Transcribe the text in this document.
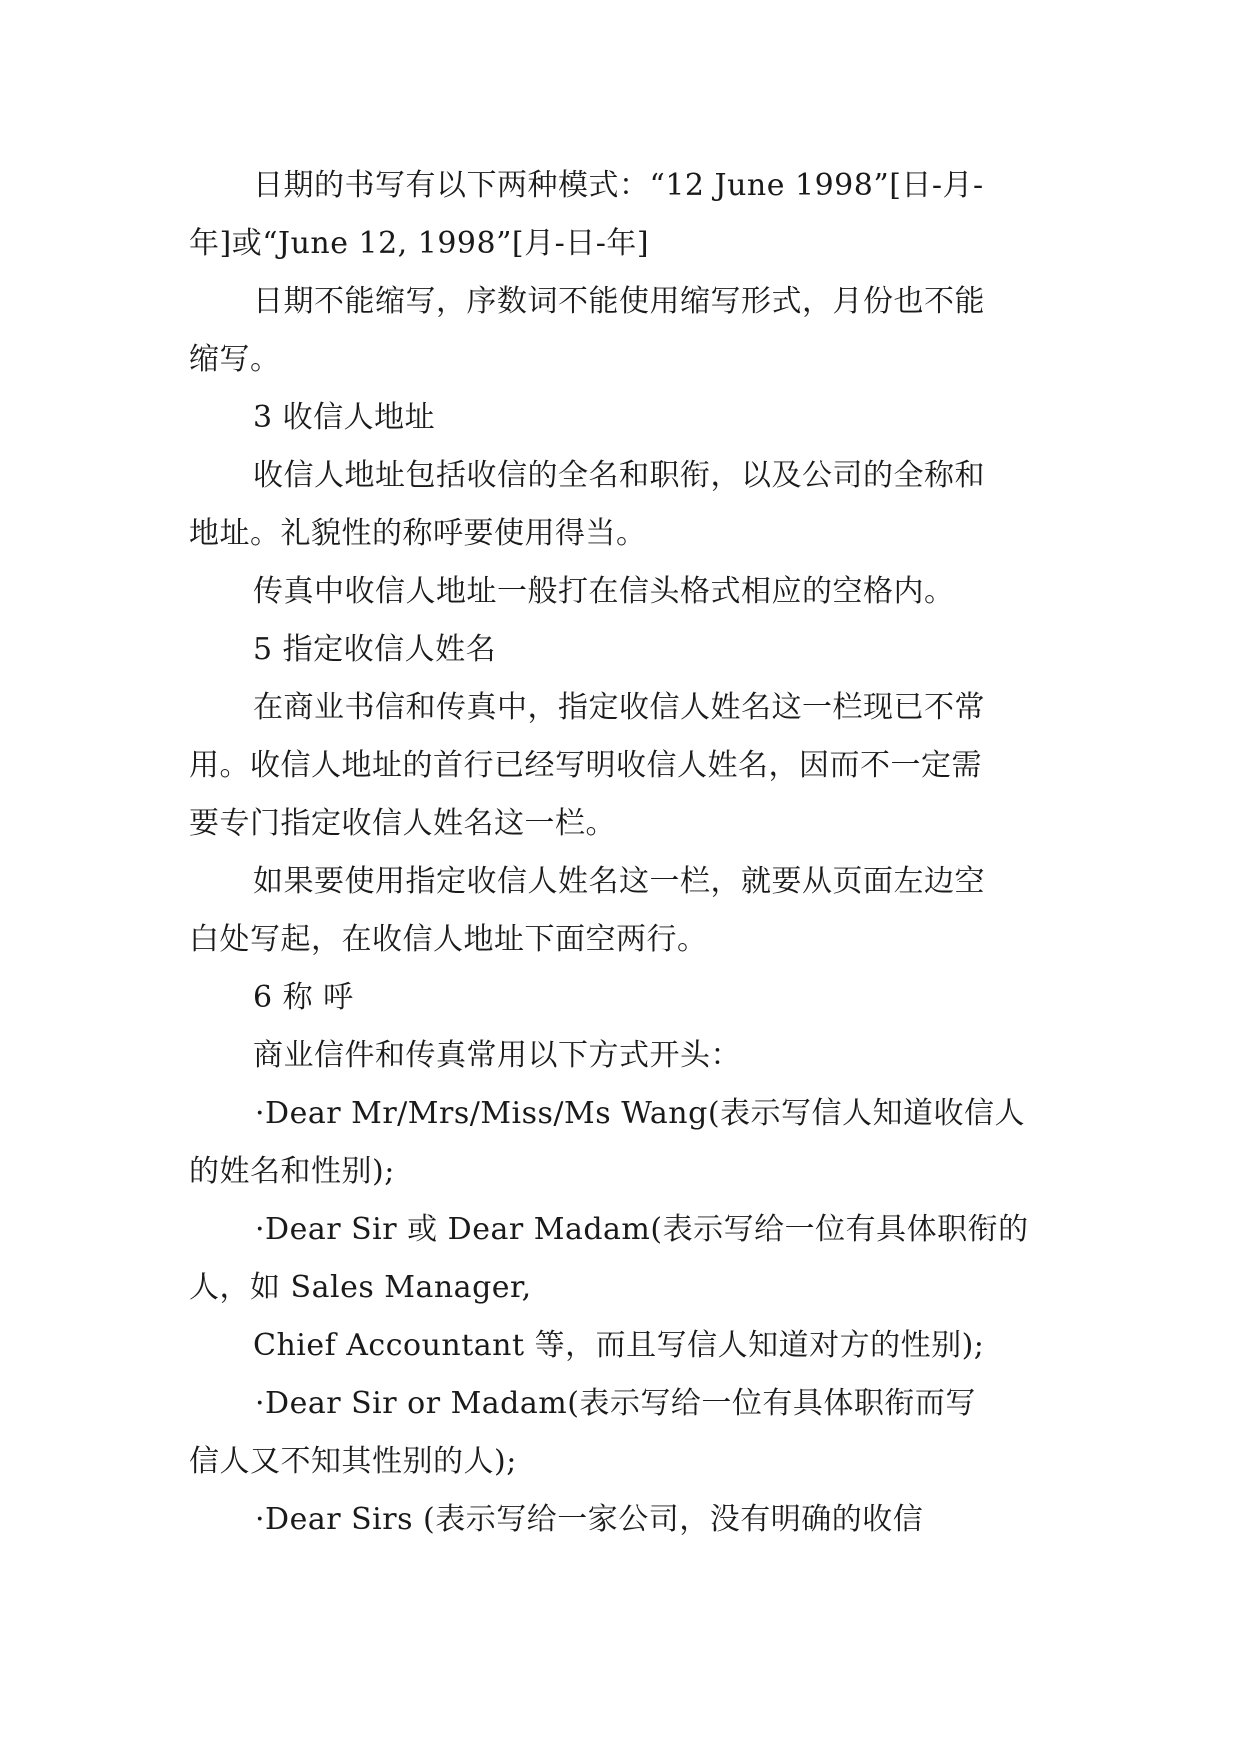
日期的书写有以下两种模式：“12 June 1998”[日-月-
年]或“June 12, 1998”[月-日-年]
日期不能缩写，序数词不能使用缩写形式，月份也不能
缩写。
3 收信人地址
收信人地址包括收信的全名和职衔，以及公司的全称和
地址。礼貌性的称呼要使用得当。
传真中收信人地址一般打在信头格式相应的空格内。
5 指定收信人姓名
在商业书信和传真中，指定收信人姓名这一栏现已不常
用。收信人地址的首行已经写明收信人姓名，因而不一定需
要专门指定收信人姓名这一栏。
如果要使用指定收信人姓名这一栏，就要从页面左边空
白处写起，在收信人地址下面空两行。
6 称 呼
商业信件和传真常用以下方式开头：
·Dear Mr/Mrs/Miss/Ms Wang(表示写信人知道收信人
的姓名和性别);
·Dear Sir 或 Dear Madam(表示写给一位有具体职衔的
人，如 Sales Manager,
Chief Accountant 等，而且写信人知道对方的性别);
·Dear Sir or Madam(表示写给一位有具体职衔而写
信人又不知其性别的人);
·Dear Sirs (表示写给一家公司，没有明确的收信
